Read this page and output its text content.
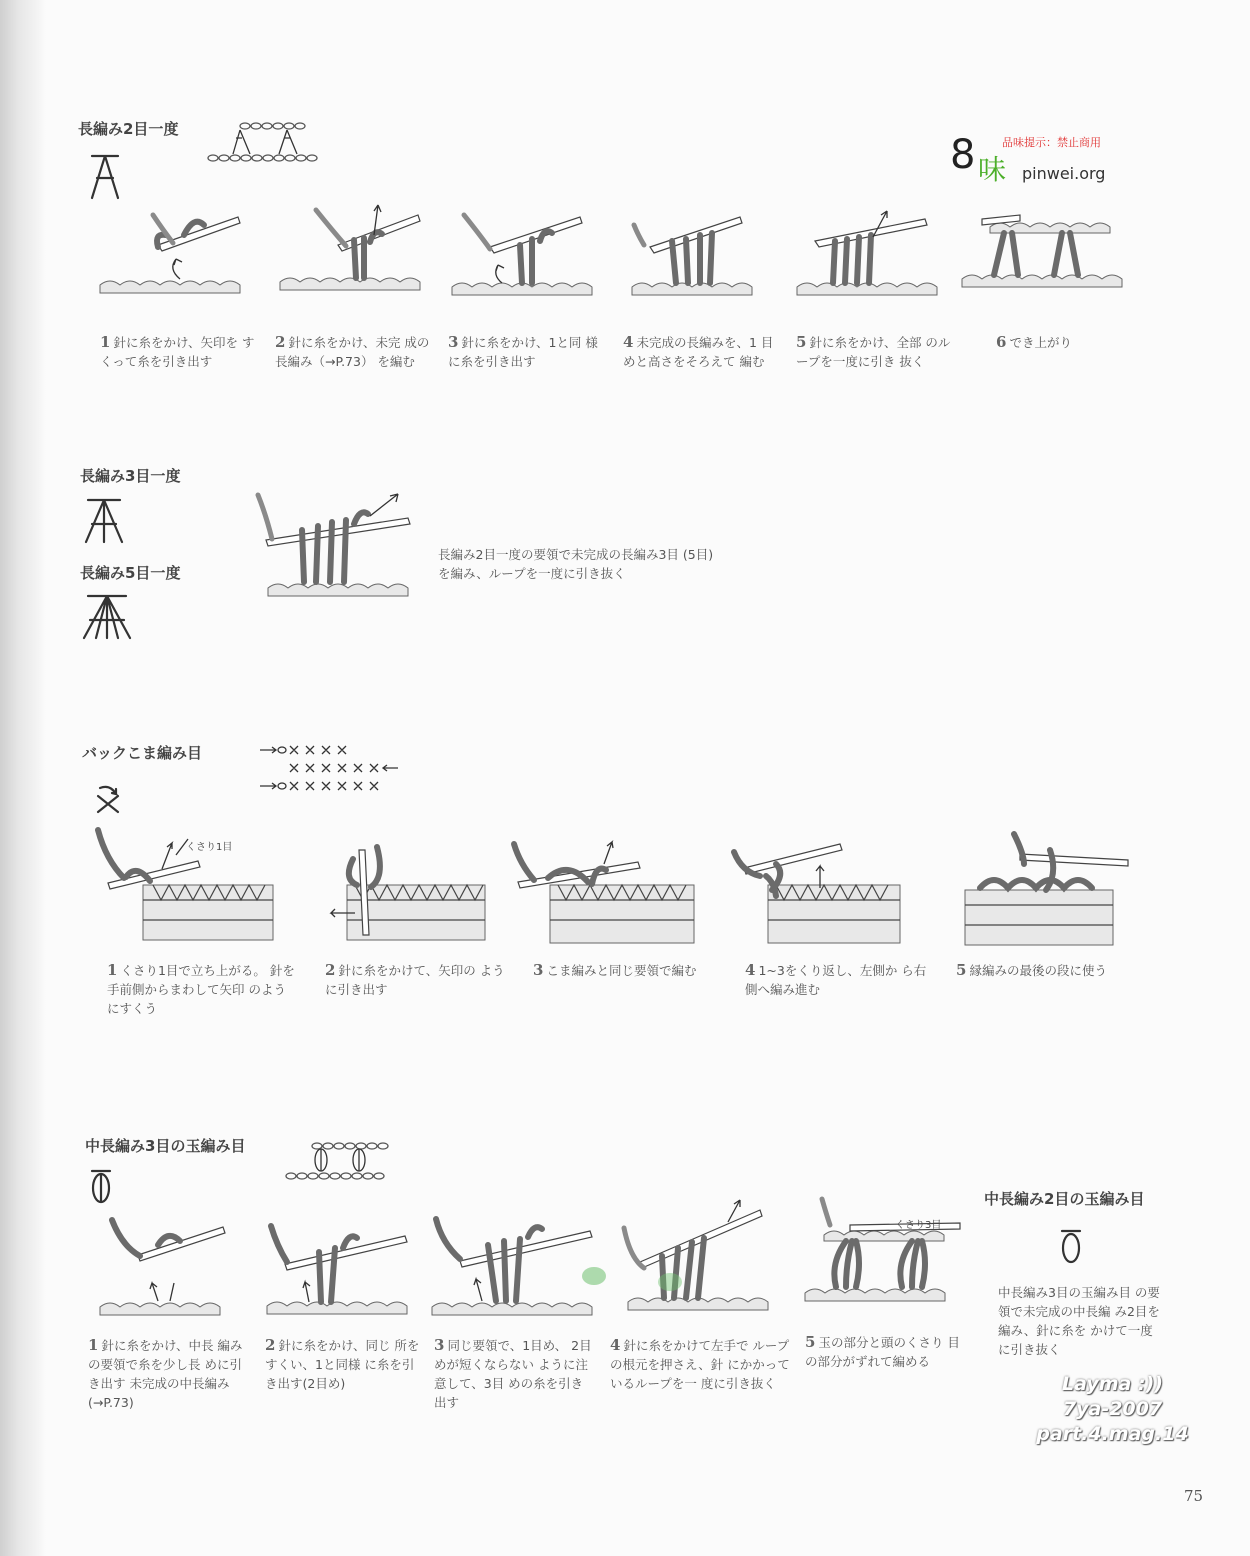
品味提示：禁止商用
8 味 pinwei.org
長編み2目一度
1 針に糸をかけ、矢印を すくって糸を引き出す
2 針に糸をかけ、未完 成の長編み（→P.73） を編む
3 針に糸をかけ、1と同 様に糸を引き出す
4 未完成の長編みを、1 目めと高さをそろえて 編む
5 針に糸をかけ、全部 のループを一度に引き 抜く
6 でき上がり
長編み3目一度
長編み5目一度
長編み2目一度の要領で未完成の長編み3目 (5目) を編み、ループを一度に引き抜く
バックこま編み目
くさり1目
1 くさり1目で立ち上がる。 針を手前側からまわして矢印 のようにすくう
2 針に糸をかけて、矢印の ように引き出す
3 こま編みと同じ要領で編む	4 1~3をくり返し、左側か ら右側へ編み進む
5 縁編みの最後の段に使う
中長編み3目の玉編み目
くさり3目
1 針に糸をかけ、中長 編みの要領で糸を少し長 めに引き出す 未完成の中長編み (→P.73)
2 針に糸をかけ、同じ 所をすくい、1と同様 に糸を引き出す(2目め)
3 同じ要領で、1目め、 2目めが短くならない ように注意して、3目 めの糸を引き出す
4 針に糸をかけて左手で ループの根元を押さえ、針 にかかっているループを一 度に引き抜く
5 玉の部分と頭のくさり 目の部分がずれて編める
中長編み2目の玉編み目
中長編み3目の玉編み目 の要領で未完成の中長編 み2目を編み、針に糸を かけて一度に引き抜く
Layma :))
7ya-2007
part.4.mag.14
75
